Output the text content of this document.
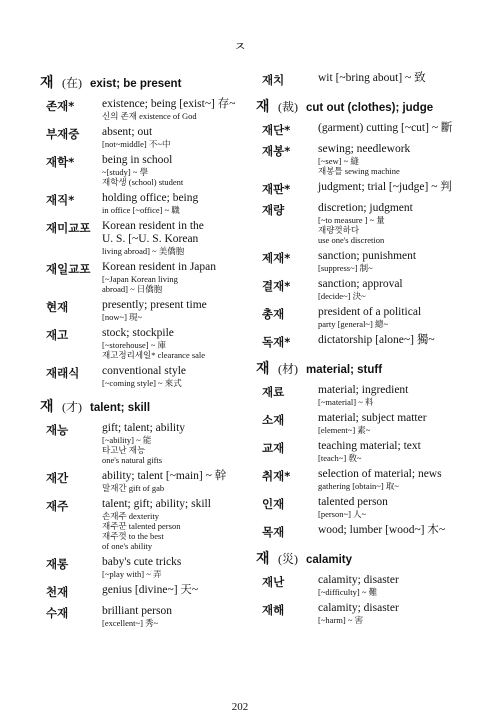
ㅈ
재 (在) exist; be present
존재*	existence; being [exist~] 存~
신의 존재 existence of God
부재중	absent; out
[not~middle] 不~中
재학*	being in school
~[study] ~ 學
재학생 (school) student
재직*	holding office; being
in office [~office] ~ 職
재미교포	Korean resident in the
U. S. [~U. S. Korean
living abroad] ~ 美僑胞
재일교포	Korean resident in Japan
[~Japan Korean living
abroad] ~ 日僑胞
현재	presently; present time
[now~] 現~
재고	stock; stockpile
[~storehouse] ~ 庫
재고정리세일* clearance sale
재래식	conventional style
[~coming style] ~ 來式
재 (才) talent; skill
재능	gift; talent; ability
[~ability] ~ 能
타고난 재능
one's natural gifts
재간	ability; talent [~main] ~ 幹
말재간 gift of gab
재주	talent; gift; ability; skill
손재주 dexterity
재주꾼 talented person
재주껏 to the best
of one's ability
재롱	baby's cute tricks
[~play with] ~ 弄
천재	genius [divine~] 天~
수재	brilliant person
[excellent~] 秀~
재치	wit [~bring about] ~ 致
재 (裁) cut out (clothes); judge
재단*	(garment) cutting [~cut] ~ 斷
재봉*	sewing; needlework
[~sew] ~ 縫
재봉틀 sewing machine
재판*	judgment; trial [~judge] ~ 判
재량	discretion; judgment
[~to measure ] ~ 量
재량껏하다
use one's discretion
제재*	sanction; punishment
[suppress~] 制~
결재*	sanction; approval
[decide~] 決~
총재	president of a political
party [general~] 總~
독재*	dictatorship [alone~] 獨~
재 (材) material; stuff
재료	material; ingredient
[~material] ~ 料
소재	material; subject matter
[element~] 素~
교재	teaching material; text
[teach~] 敎~
취재*	selection of material; news
gathering [obtain~] 取~
인재	talented person
[person~] 人~
목재	wood; lumber [wood~] 木~
재 (災) calamity
재난	calamity; disaster
[~difficulty] ~ 難
재해	calamity; disaster
[~harm] ~ 害
202
